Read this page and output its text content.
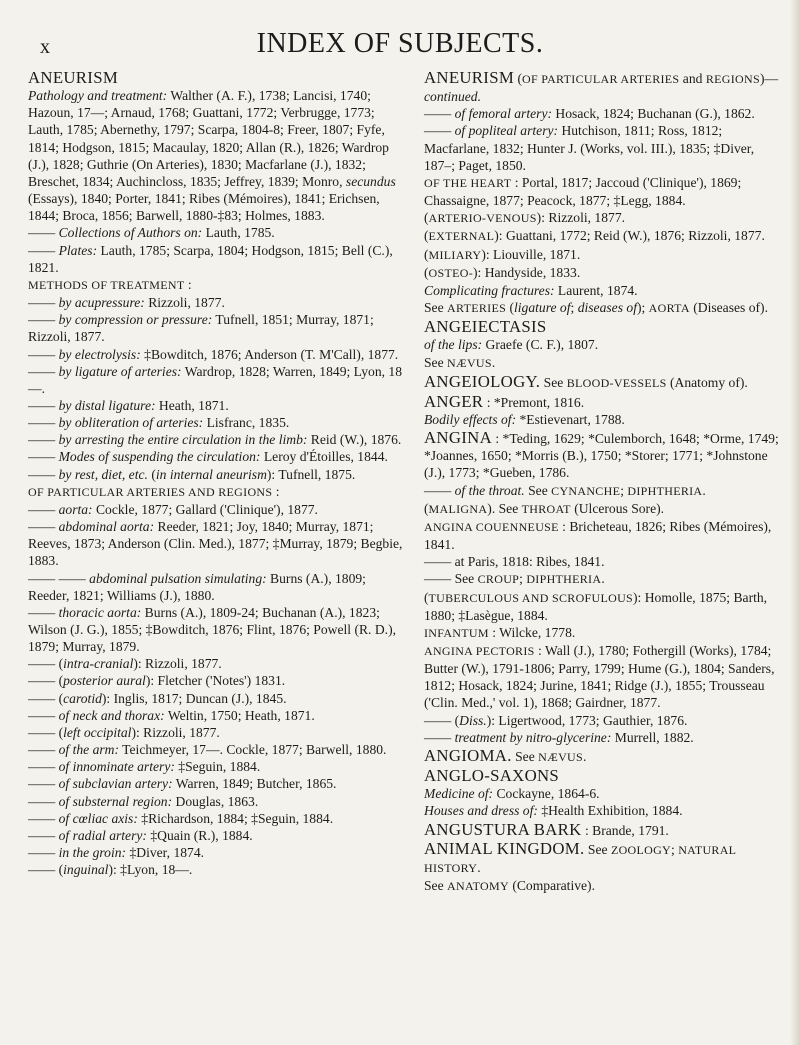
x	INDEX OF SUBJECTS.

ANEURISM

Pathology and treatment: Walther (A. F.), 1738; Lancisi, 1740; Hazoun, 17—; Arnaud, 1768; Guattani, 1772; Verbrugge, 1773; Lauth, 1785; Abernethy, 1797; Scarpa, 1804-8; Freer, 1807; Fyfe, 1814; Hodgson, 1815; Macaulay, 1820; Allan (R.), 1826; Wardrop (J.), 1828; Guthrie (On Arteries), 1830; Macfarlane (J.), 1832; Breschet, 1834; Auchincloss, 1835; Jeffrey, 1839; Monro, secundus (Essays), 1840; Porter, 1841; Ribes (Mémoires), 1841; Erichsen, 1844; Broca, 1856; Barwell, 1880-‡83; Holmes, 1883.

—— Collections of Authors on: Lauth, 1785.

—— Plates: Lauth, 1785; Scarpa, 1804; Hodgson, 1815; Bell (C.), 1821.

METHODS OF TREATMENT :

—— by acupressure: Rizzoli, 1877.

—— by compression or pressure: Tufnell, 1851; Murray, 1871; Rizzoli, 1877.

—— by electrolysis: ‡Bowditch, 1876; Anderson (T. M'Call), 1877.

—— by ligature of arteries: Wardrop, 1828; Warren, 1849; Lyon, 18—.

—— by distal ligature: Heath, 1871.

—— by obliteration of arteries: Lisfranc, 1835.

—— by arresting the entire circulation in the limb: Reid (W.), 1876.

—— Modes of suspending the circulation: Leroy d'Étoilles, 1844.

—— by rest, diet, etc. (in internal aneurism): Tufnell, 1875.

OF PARTICULAR ARTERIES AND REGIONS :

—— aorta: Cockle, 1877; Gallard ('Clinique'), 1877.

—— abdominal aorta: Reeder, 1821; Joy, 1840; Murray, 1871; Reeves, 1873; Anderson (Clin. Med.), 1877; ‡Murray, 1879; Begbie, 1883.

—— —— abdominal pulsation simulating: Burns (A.), 1809; Reeder, 1821; Williams (J.), 1880.

—— thoracic aorta: Burns (A.), 1809-24; Buchanan (A.), 1823; Wilson (J. G.), 1855; ‡Bowditch, 1876; Flint, 1876; Powell (R. D.), 1879; Murray, 1879.

—— (intra-cranial): Rizzoli, 1877.

—— (posterior aural): Fletcher ('Notes') 1831.

—— (carotid): Inglis, 1817; Duncan (J.), 1845.

—— of neck and thorax: Weltin, 1750; Heath, 1871.

—— (left occipital): Rizzoli, 1877.

—— of the arm: Teichmeyer, 17—. Cockle, 1877; Barwell, 1880.

—— of innominate artery: ‡Seguin, 1884.

—— of subclavian artery: Warren, 1849; Butcher, 1865.

—— of substernal region: Douglas, 1863.

—— of cœliac axis: ‡Richardson, 1884; ‡Seguin, 1884.

—— of radial artery: ‡Quain (R.), 1884.

—— in the groin: ‡Diver, 1874.

—— (inguinal): ‡Lyon, 18—.

ANEURISM (OF PARTICULAR ARTERIES and REGIONS)—continued.

—— of femoral artery: Hosack, 1824; Buchanan (G.), 1862.

—— of popliteal artery: Hutchison, 1811; Ross, 1812; Macfarlane, 1832; Hunter J. (Works, vol. III.), 1835; ‡Diver, 187–; Paget, 1850.

OF THE HEART : Portal, 1817; Jaccoud ('Clinique'), 1869; Chassaigne, 1877; Peacock, 1877; ‡Legg, 1884.

(ARTERIO-VENOUS): Rizzoli, 1877.

(EXTERNAL): Guattani, 1772; Reid (W.), 1876; Rizzoli, 1877.

(MILIARY): Liouville, 1871.

(OSTEO-): Handyside, 1833.

Complicating fractures: Laurent, 1874.

See ARTERIES (ligature of; diseases of); AORTA (Diseases of).

ANGEIECTASIS

of the lips: Graefe (C. F.), 1807.

See NÆVUS.

ANGEIOLOGY. See BLOOD-VESSELS (Anatomy of).

ANGER : *Premont, 1816.

Bodily effects of: *Estievenart, 1788.

ANGINA : *Teding, 1629; *Culemborch, 1648; *Orme, 1749; *Joannes, 1650; *Morris (B.), 1750; *Storer; 1771; *Johnstone (J.), 1773; *Gueben, 1786.

—— of the throat. See CYNANCHE; DIPHTHERIA.

(MALIGNA). See THROAT (Ulcerous Sore).

ANGINA COUENNEUSE : Bricheteau, 1826; Ribes (Mémoires), 1841.

—— at Paris, 1818: Ribes, 1841.

—— See CROUP; DIPHTHERIA.

(TUBERCULOUS AND SCROFULOUS): Homolle, 1875; Barth, 1880; ‡Lasègue, 1884.

INFANTUM : Wilcke, 1778.

ANGINA PECTORIS : Wall (J.), 1780; Fothergill (Works), 1784; Butter (W.), 1791-1806; Parry, 1799; Hume (G.), 1804; Sanders, 1812; Hosack, 1824; Jurine, 1841; Ridge (J.), 1855; Trousseau ('Clin. Med.,' vol. 1), 1868; Gairdner, 1877.

—— (Diss.): Ligertwood, 1773; Gauthier, 1876.

—— treatment by nitro-glycerine: Murrell, 1882.

ANGIOMA. See NÆVUS.

ANGLO-SAXONS

Medicine of: Cockayne, 1864-6.

Houses and dress of: ‡Health Exhibition, 1884.

ANGUSTURA BARK : Brande, 1791.

ANIMAL KINGDOM. See ZOOLOGY; NATURAL HISTORY.

See ANATOMY (Comparative).
